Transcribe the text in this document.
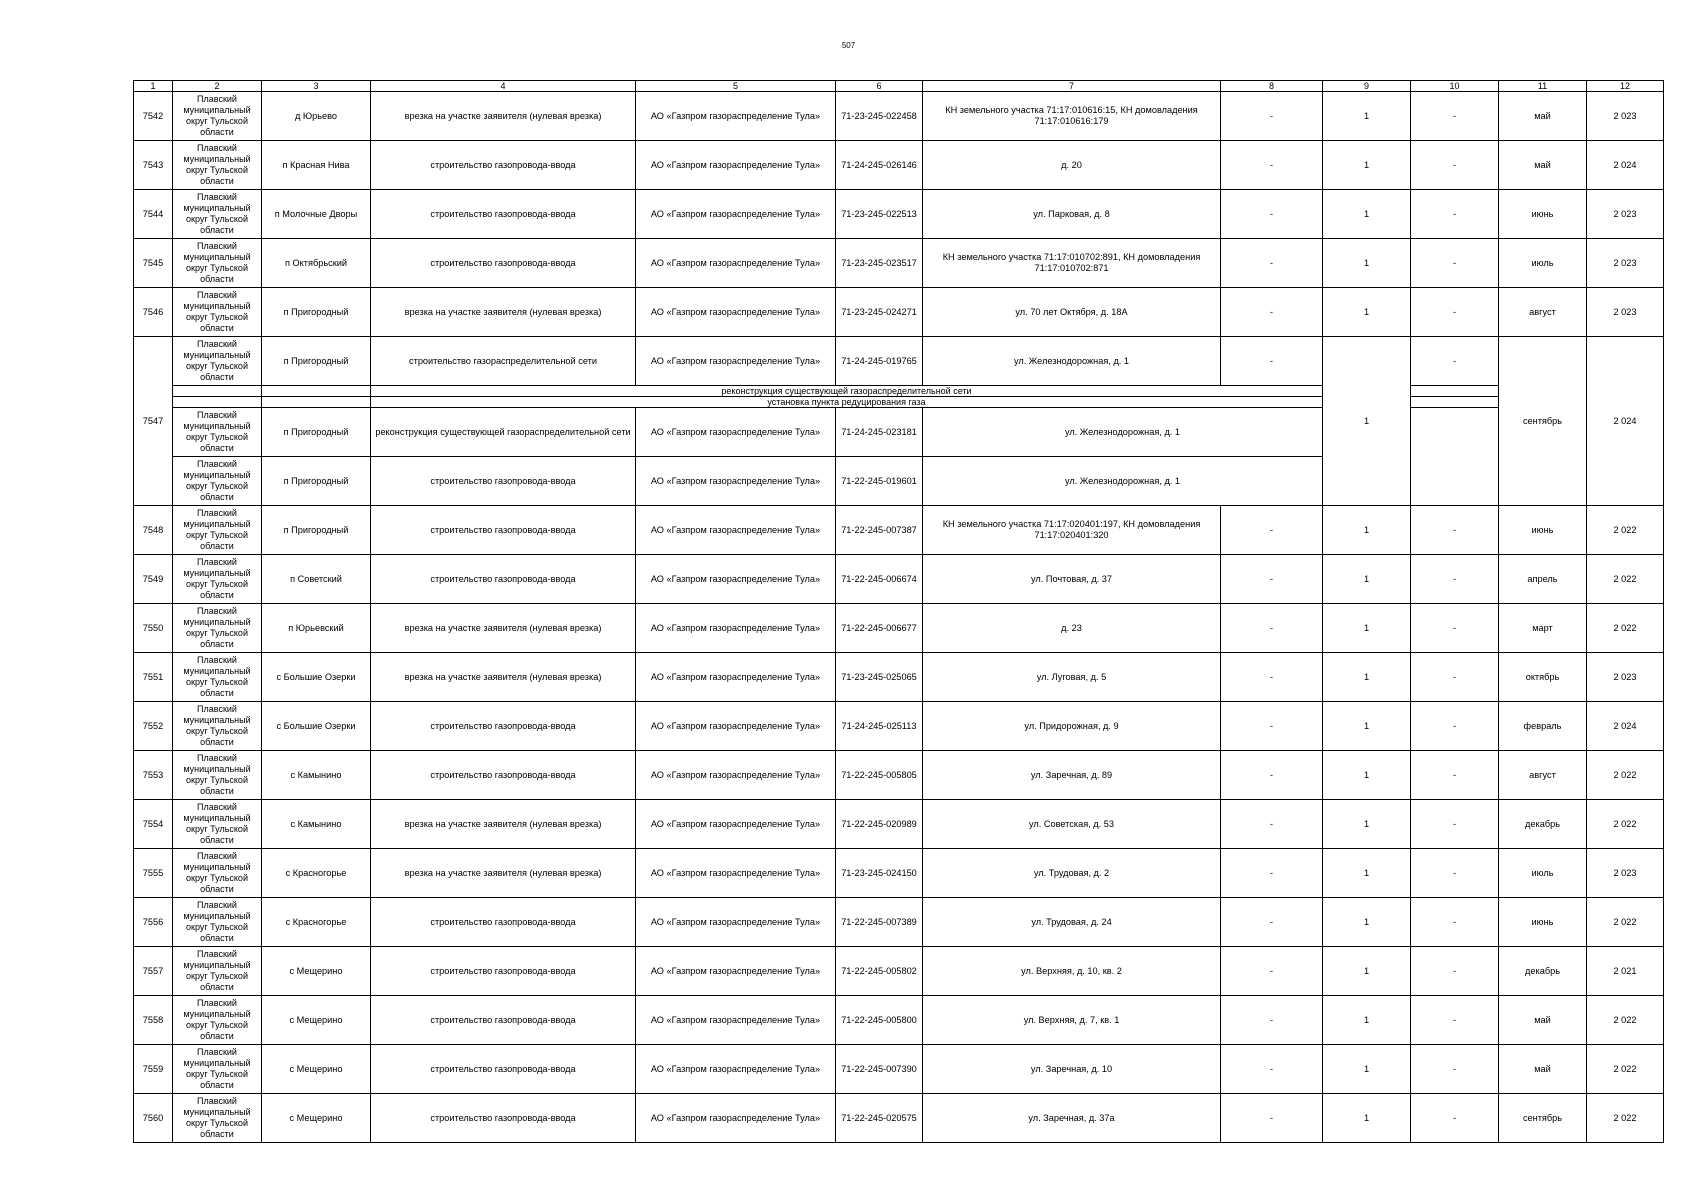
507
1	2	3	4	5	6	7	8	9	10	11	12
7542	Плавский муниципальный округ Тульской области	д Юрьево	врезка на участке заявителя (нулевая врезка)	АО «Газпром газораспределение Тула»	71-23-245-022458	КН земельного участка 71:17:010616:15, КН домовладения 71:17:010616:179	-	1	-	май	2 023
7543	Плавский муниципальный округ Тульской области	п Красная Нива	строительство газопровода-ввода	АО «Газпром газораспределение Тула»	71-24-245-026146	д. 20	-	1	-	май	2 024
7544	Плавский муниципальный округ Тульской области	п Молочные Дворы	строительство газопровода-ввода	АО «Газпром газораспределение Тула»	71-23-245-022513	ул. Парковая, д. 8	-	1	-	июнь	2 023
7545	Плавский муниципальный округ Тульской области	п Октябрьский	строительство газопровода-ввода	АО «Газпром газораспределение Тула»	71-23-245-023517	КН земельного участка 71:17:010702:891, КН домовладения 71:17:010702:871	-	1	-	июль	2 023
7546	Плавский муниципальный округ Тульской области	п Пригородный	врезка на участке заявителя (нулевая врезка)	АО «Газпром газораспределение Тула»	71-23-245-024271	ул. 70 лет Октября, д. 18А	-	1	-	август	2 023
7547	Плавский муниципальный округ Тульской области	п Пригородный	строительство газораспределительной сети	АО «Газпром газораспределение Тула»	71-24-245-019765	ул. Железнодорожная, д. 1	-	1	-	сентябрь	2 024
			реконструкция существующей газораспределительной сети								
			установка пункта редуцирования газа								
	Плавский муниципальный округ Тульской области	п Пригородный	реконструкция существующей газораспределительной сети	АО «Газпром газораспределение Тула»	71-24-245-023181	ул. Железнодорожная, д. 1					
	Плавский муниципальный округ Тульской области	п Пригородный	строительство газопровода-ввода	АО «Газпром газораспределение Тула»	71-22-245-019601	ул. Железнодорожная, д. 1					
7548	Плавский муниципальный округ Тульской области	п Пригородный	строительство газопровода-ввода	АО «Газпром газораспределение Тула»	71-22-245-007387	КН земельного участка 71:17:020401:197, КН домовладения 71:17:020401:320	-	1	-	июнь	2 022
7549	Плавский муниципальный округ Тульской области	п Советский	строительство газопровода-ввода	АО «Газпром газораспределение Тула»	71-22-245-006674	ул. Почтовая, д. 37	-	1	-	апрель	2 022
7550	Плавский муниципальный округ Тульской области	п Юрьевский	врезка на участке заявителя (нулевая врезка)	АО «Газпром газораспределение Тула»	71-22-245-006677	д. 23	-	1	-	март	2 022
7551	Плавский муниципальный округ Тульской области	с Большие Озерки	врезка на участке заявителя (нулевая врезка)	АО «Газпром газораспределение Тула»	71-23-245-025065	ул. Луговая, д. 5	-	1	-	октябрь	2 023
7552	Плавский муниципальный округ Тульской области	с Большие Озерки	строительство газопровода-ввода	АО «Газпром газораспределение Тула»	71-24-245-025113	ул. Придорожная, д. 9	-	1	-	февраль	2 024
7553	Плавский муниципальный округ Тульской области	с Камынино	строительство газопровода-ввода	АО «Газпром газораспределение Тула»	71-22-245-005805	ул. Заречная, д. 89	-	1	-	август	2 022
7554	Плавский муниципальный округ Тульской области	с Камынино	врезка на участке заявителя (нулевая врезка)	АО «Газпром газораспределение Тула»	71-22-245-020989	ул. Советская, д. 53	-	1	-	декабрь	2 022
7555	Плавский муниципальный округ Тульской области	с Красногорье	врезка на участке заявителя (нулевая врезка)	АО «Газпром газораспределение Тула»	71-23-245-024150	ул. Трудовая, д. 2	-	1	-	июль	2 023
7556	Плавский муниципальный округ Тульской области	с Красногорье	строительство газопровода-ввода	АО «Газпром газораспределение Тула»	71-22-245-007389	ул. Трудовая, д. 24	-	1	-	июнь	2 022
7557	Плавский муниципальный округ Тульской области	с Мещерино	строительство газопровода-ввода	АО «Газпром газораспределение Тула»	71-22-245-005802	ул. Верхняя, д. 10, кв. 2	-	1	-	декабрь	2 021
7558	Плавский муниципальный округ Тульской области	с Мещерино	строительство газопровода-ввода	АО «Газпром газораспределение Тула»	71-22-245-005800	ул. Верхняя, д. 7, кв. 1	-	1	-	май	2 022
7559	Плавский муниципальный округ Тульской области	с Мещерино	строительство газопровода-ввода	АО «Газпром газораспределение Тула»	71-22-245-007390	ул. Заречная, д. 10	-	1	-	май	2 022
7560	Плавский муниципальный округ Тульской области	с Мещерино	строительство газопровода-ввода	АО «Газпром газораспределение Тула»	71-22-245-020575	ул. Заречная, д. 37а	-	1	-	сентябрь	2 022
